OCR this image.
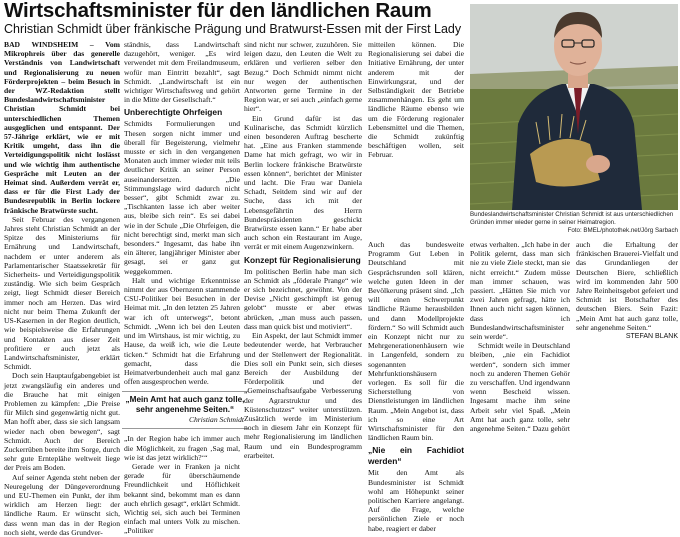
Wirtschaftsminister für den ländlichen Raum
Christian Schmidt über fränkische Prägung und Bratwurst-Essen mit der First Lady

BAD WINDSHEIM – Vom Mikrophreis über das generelle Verständnis von Landwirtschaft und Regionalisierung zu neuen Förderprojekten – beim Besuch in der WZ-Redaktion stellt Bundeslandwirtschaftsminister Christian Schmidt bei unterschiedlichen Themen ausgeglichen und entspannt. Der 57-Jährige erklärt, wie er mit Kritik umgeht, dass ihn die Verteidigungspolitik nicht loslässt und wie wichtig ihm authentische Gespräche mit Leuten an der Heimat sind. Außerdem verrät er, dass er für die First Lady der Bundesrepublik in Berlin lockere fränkische Bratwürste sucht.

Seit Februar des vergangenen Jahres steht Christian Schmidt an der Spitze des Ministeriums für Ernährung und Landwirtschaft, nachdem er unter anderem als Parlamentarischer Staatssekretär für Sicherheits- und Verteidigungspolitik zuständig. Wie sich beim Gespräch zeigt, liegt Schmidt dieser Bereich immer noch am Herzen. Das wird nicht nur beim Thema Zukunft der US-Kasernen in der Region deutlich, wie beispielsweise die Erfahrungen und Kontakten aus dieser Zeit profitiere er auch jetzt als Landwirtschaftsminister, erklärt Schmidt.

Doch sein Hauptaufgabengebiet ist jetzt zwangsläufig ein anderes und die Brauche hat mit einigen Problemen zu kämpfen: „Die Preise für Milch sind gegenwärtig nicht gut. Man hofft aber, dass sie sich langsam wieder nach oben bewegen“, sagt Schmidt. Auch der Bereich Zuckerrüben bereite ihm Sorge, durch sehr gute Ernteplähe weltweit liege der Preis am Boden.

Auf seiner Agenda steht neben der Neuregelung der Düngeverordnung und EU-Themen ein Punkt, der ihm wirklich am Herzen liegt: der ländliche Raum. Er wünscht sich, dass wenn man das in der Region noch sieht, werde das Grundver-

ständnis, dass Landwirtschaft dazugehört, weniger. „Es wird verwendet mit dem Freilandmuseum, wofür man Eintritt bezahlt“, sagt Schmidt. „Landwirtschaft ist ein wichtiger Wirtschaftsweg und gehört in die Mitte der Gesellschaft.“

Unberechtigte Ohrfeigen

Schmidts Formulierungen und Thesen sorgen nicht immer und überall für Begeisterung, vielmehr musste er sich in den vergangenen Monaten auch immer wieder mit teils deutlicher Kritik an seiner Person auseinandersetzen. „Die Stimmungslage wird dadurch nicht besser“, gibt Schmidt zwar zu. „Tischkanten lasse ich aber weiter aus, bleibe sich rein“. Es sei dabei wie in der Schule „Die Ohrfeigen, die nicht berechtigt sind, merkt man sich besonders.“ Ingesamt, das habe ihn ein älterer, langjähriger Minister aber gesagt, sei er ganz gut weggekommen.

Halt und wichtige Erkenntnisse nimmt der aus Obernzenn stammende CSU-Politiker bei Besuchen in der Heimat mit. „In den letzten 25 Jahren war ich oft unterwegs“, betont Schmidt. „Wenn ich bei den Leuten und im Wirtshaus, ist mir wichtig, zu Hause, da weiß ich, wie die Leute ticken.“ Schmidt hat die Erfahrung gemacht, dass die Heimatverbundenheit auch mal ganz offen ausgesprochen werde.

„Mein Amt hat auch ganz tolle, sehr angenehme Seiten.“
Christian Schmidt

„In der Region habe ich immer auch die Möglichkeit, zu fragen ‚Sag mal, wie ist das jetzt wirklich?‘“

Gerade wer in Franken ja nicht gerade für überschäumende Freundlichkeit und Höflichkeit bekannt sind, bekommt man es dann auch ehrlich gesagt“, erklärt Schmidt. Wichtig sei, sich auch bei Terminen einfach mal unters Volk zu mischen. „Politiker

sind nicht nur schwer, zuzuhören. Sie leigen dazu, den Leuten die Welt zu erklären und verlieren selber den Bezug.“ Doch Schmidt nimmt nicht nur wegen der authentischen Antworten gerne Termine in der Region war, er sei auch „einfach gerne hier“.

Ein Grund dafür ist das Kulinarische, das Schmidt kürzlich einen besonderen Auftrag bescherte hat. „Eine aus Franken stammende Dame hat mich gefragt, wo wir in Berlin lockere fränkische Bratwürste essen können“, berichtet der Minister und lacht. Die Frau war Daniela Schadt, Seitdem sind wir auf der Suche, dass ich mit der Lebensgefährtin des Herrn Bundespräsidenten geschickt Bratwürste essen kann.“ Er habe aber auch schon ein Restaurant im Auge, verrät er mit einem Augenzwinkern.

Konzept für Regionalisierung

Im politischen Berlin habe man sich an Schmidt als „föderale Prange“ wie er sich bezeichnet, gewöhnt. Von der Devise „Nicht geschimpft ist genug gelobt“ musste er aber etwas abrücken, „man muss auch passen, dass man quick bist und motiviert“.

Ein Aspekt, der laut Schmidt immer bedeutender werde, hat Verbraucher und der Stellenwert der Regionalität. Dies soll ein Punkt sein, sich dieses Bereich der Ausbildung der Förderpolitik und der „Gemeinschaftsaufgabe Verbesserung der Agrarstruktur und des Küstenschutzes“ weiter unterstützen. Zusätzlich werde im Ministerium noch in diesem Jahr ein Konzept für mehr Regionalisierung im ländlichen Raum und ein Bundesprogramm erarbeitet.

mitteilen können. Die Regionalisierung sei dabei die Initiative Ernährung, der unter anderem mit der Einwirkungsrat, und der Selbständigkeit der Betriebe zusammenhängen. Es geht um ländliche Räume ebenso wie um die Förderung regionaler Lebensmittel und die Themen, die Schmidt zukünftig beschäftigen wollen, seit Februar.

Bundeslandwirtschaftsminister Christian Schmidt ist aus unterschiedlichen Gründen immer wieder gerne in seiner Heimatregion.
Foto: BMEL/photothek.net/Jörg Sarbach

Auch das bundesweite Programm Gut Leben in Deutschland mit Gesprächsrunden soll klären, welche guten Ideen in der Bevölkerung präsent sind. „Ich will einen Schwerpunkt ländliche Räume herausbilden und dann Modellprojekte fördern.“ So will Schmidt auch ein Konzept nicht nur zu Mehrgenerationenhäusern wie in Langenfeld, sondern zu sogenannten Mehrfunktionshäusern vorlegen. Es soll für die Sicherstellung von Dienstleistungen im ländlichen Raum. „Mein Angebot ist, dass ich so eine Art Wirtschaftsminister für den ländlichen Raum bin.

„Nie ein Fachidiot werden“

Mit den Amt als Bundesminister ist Schmidt wohl am Höhepunkt seiner politischen Karriere angelangt. Auf die Frage, welche persönlichen Ziele er noch habe, reagiert er daber

etwas verhalten. „Ich habe in der Politik gelernt, dass man sich nie zu viele Ziele steckt, man sie nicht erreicht.“ Zudem müsse man immer schauen, was passiert. „Hätten Sie mich vor zwei Jahren gefragt, hätte ich Ihnen auch nicht sagen können, dass ich Bundeslandwirtschaftsminister sein werde“.

Schmidt weile in Deutschland bleiben, „nie ein Fachidiot werden“, sondern sich immer noch zu anderen Themen Gehör zu verschaffen. Und irgendwann wenn Bescheid wissen. Ingesamt mache ihm seine Arbeit sehr viel Spaß. „Mein Amt hat auch ganz tolle, sehr angenehme Seiten.“ Dazu gehört

auch die Erhaltung der fränkischen Brauerei-Vielfalt und das Grundanliegen der Deutschen Biere, schließlich wird im kommenden Jahr 500 Jahre Reinheitsgebot gefeiert und Schmidt ist Botschafter des deutschen Biers. Sein Fazit: „Mein Amt hat auch ganz tolle, sehr angenehme Seiten.“

STEFAN BLANK
